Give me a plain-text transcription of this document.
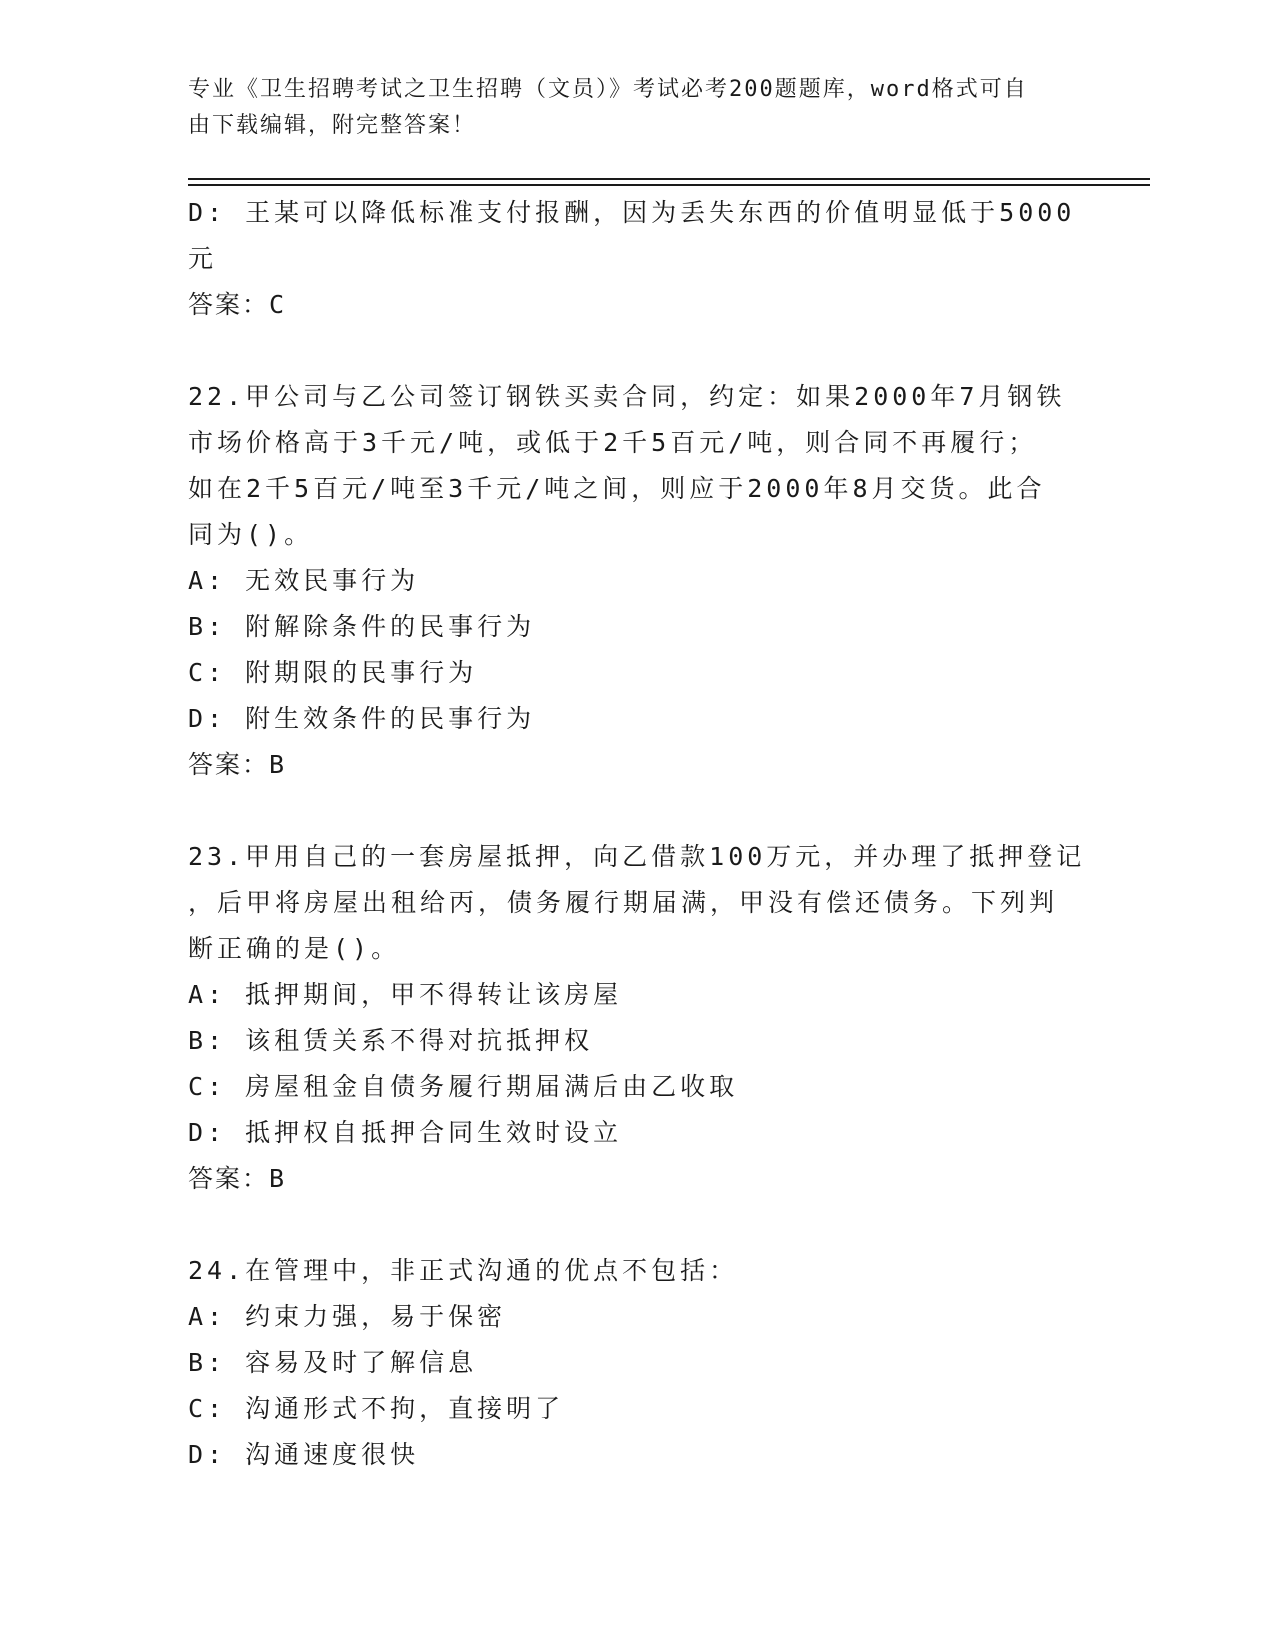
专业《卫生招聘考试之卫生招聘（文员）》考试必考200题题库，word格式可自
由下载编辑，附完整答案！
D: 王某可以降低标准支付报酬，因为丢失东西的价值明显低于5000
元
答案：C
22.甲公司与乙公司签订钢铁买卖合同，约定：如果2000年7月钢铁
市场价格高于3千元/吨，或低于2千5百元/吨，则合同不再履行；
如在2千5百元/吨至3千元/吨之间，则应于2000年8月交货。此合
同为()。
A: 无效民事行为
B: 附解除条件的民事行为
C: 附期限的民事行为
D: 附生效条件的民事行为
答案：B
23.甲用自己的一套房屋抵押，向乙借款100万元，并办理了抵押登记
，后甲将房屋出租给丙，债务履行期届满，甲没有偿还债务。下列判
断正确的是()。
A: 抵押期间，甲不得转让该房屋
B: 该租赁关系不得对抗抵押权
C: 房屋租金自债务履行期届满后由乙收取
D: 抵押权自抵押合同生效时设立
答案：B
24.在管理中，非正式沟通的优点不包括：
A: 约束力强，易于保密
B: 容易及时了解信息
C: 沟通形式不拘，直接明了
D: 沟通速度很快
